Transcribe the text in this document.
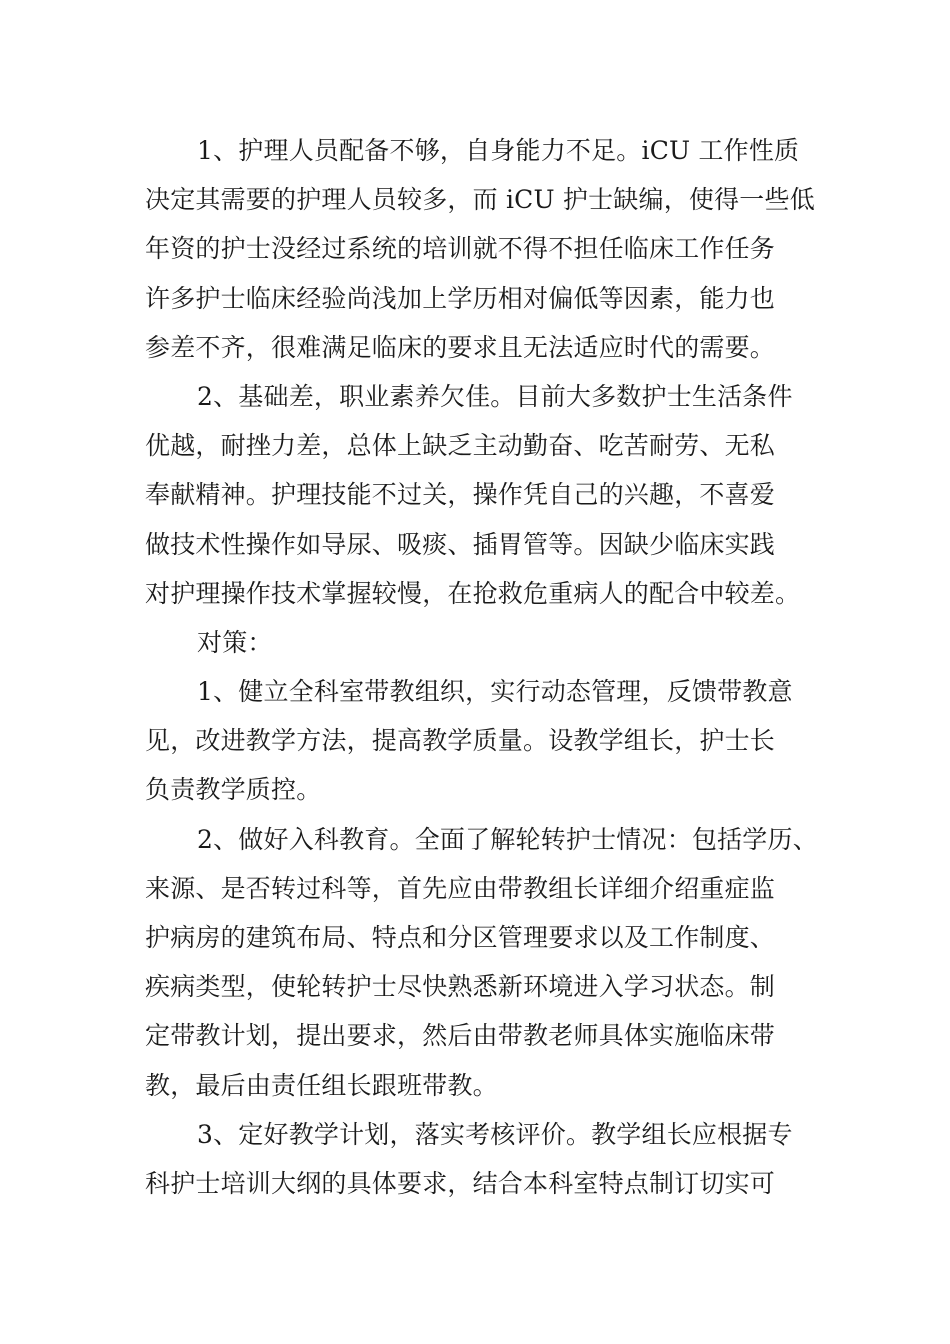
1、护理人员配备不够，自身能力不足。iCU 工作性质
决定其需要的护理人员较多，而 iCU 护士缺编，使得一些低
年资的护士没经过系统的培训就不得不担任临床工作任务
许多护士临床经验尚浅加上学历相对偏低等因素，能力也
参差不齐，很难满足临床的要求且无法适应时代的需要。
2、基础差，职业素养欠佳。目前大多数护士生活条件
优越，耐挫力差，总体上缺乏主动勤奋、吃苦耐劳、无私
奉献精神。护理技能不过关，操作凭自己的兴趣，不喜爱
做技术性操作如导尿、吸痰、插胃管等。因缺少临床实践
对护理操作技术掌握较慢，在抢救危重病人的配合中较差。
对策：
1、健立全科室带教组织，实行动态管理，反馈带教意
见，改进教学方法，提高教学质量。设教学组长，护士长
负责教学质控。
2、做好入科教育。全面了解轮转护士情况：包括学历、
来源、是否转过科等，首先应由带教组长详细介绍重症监
护病房的建筑布局、特点和分区管理要求以及工作制度、
疾病类型，使轮转护士尽快熟悉新环境进入学习状态。制
定带教计划，提出要求，然后由带教老师具体实施临床带
教，最后由责任组长跟班带教。
3、定好教学计划，落实考核评价。教学组长应根据专
科护士培训大纲的具体要求，结合本科室特点制订切实可
